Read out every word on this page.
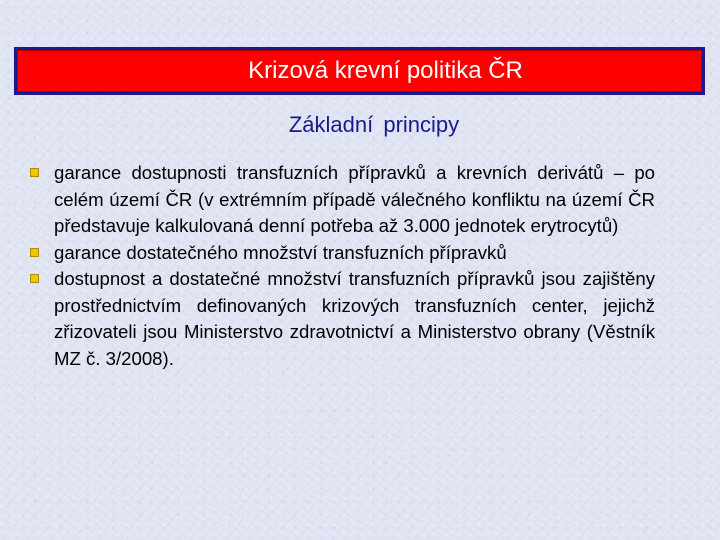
Krizová krevní politika ČR
Základní principy
garance dostupnosti transfuzních přípravků a krevních derivátů – po celém území ČR (v extrémním případě válečného konfliktu na území ČR představuje kalkulovaná denní potřeba až 3.000 jednotek erytrocytů)
garance dostatečného množství transfuzních přípravků
dostupnost a dostatečné množství transfuzních přípravků jsou zajištěny prostřednictvím definovaných krizových transfuzních center, jejichž zřizovateli jsou Ministerstvo zdravotnictví a Ministerstvo obrany (Věstník MZ č. 3/2008).
